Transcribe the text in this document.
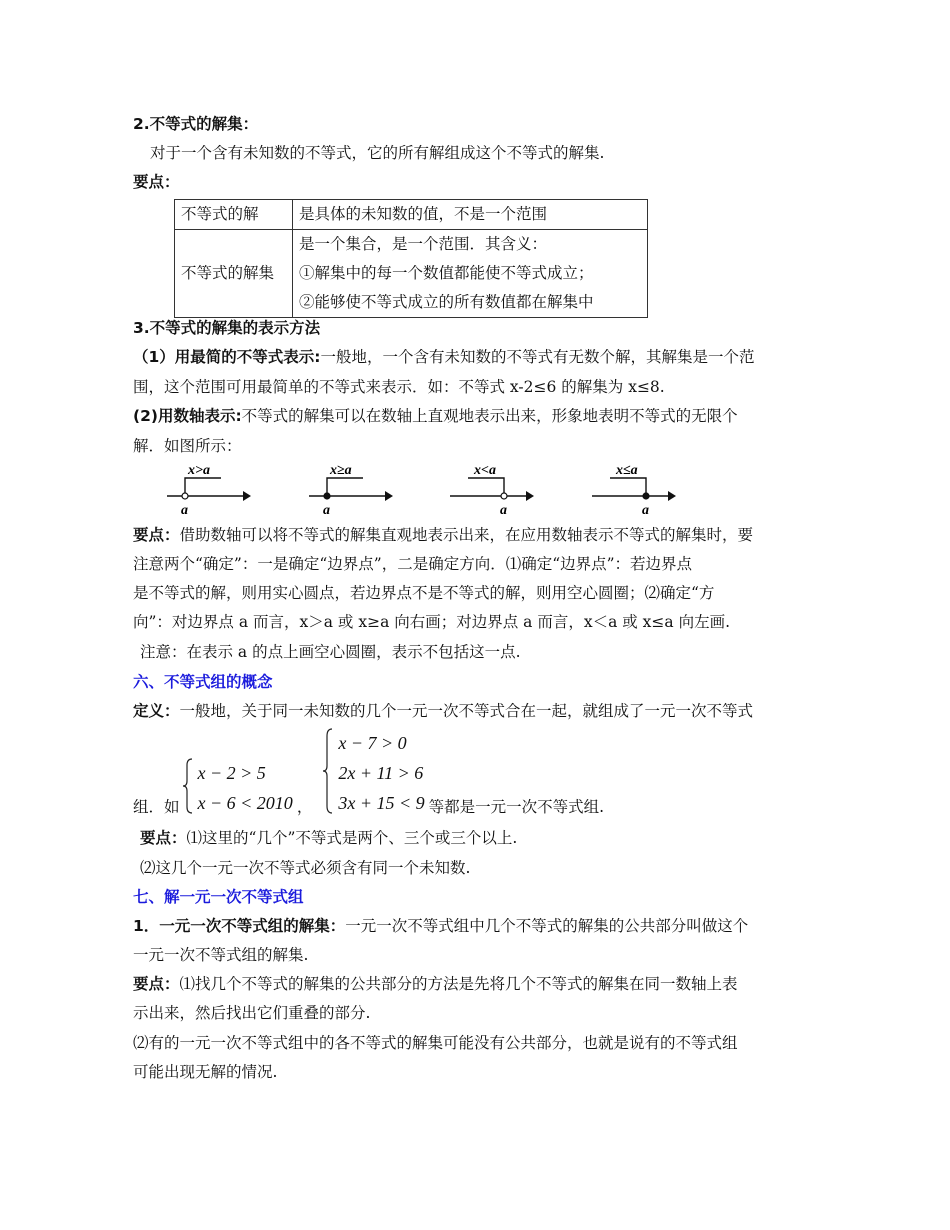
2.不等式的解集：
对于一个含有未知数的不等式，它的所有解组成这个不等式的解集.
要点：
不等式的解	是具体的未知数的值，不是一个范围
不等式的解集	是一个集合，是一个范围．其含义：
①解集中的每一个数值都能使不等式成立；
②能够使不等式成立的所有数值都在解集中
3.不等式的解集的表示方法
（1）用最简的不等式表示:一般地，一个含有未知数的不等式有无数个解，其解集是一个范
围，这个范围可用最简单的不等式来表示．如：不等式 x-2≤6 的解集为 x≤8.
(2)用数轴表示:不等式的解集可以在数轴上直观地表示出来，形象地表明不等式的无限个
解．如图所示：
x>a
a
x≥a
a
x<a
a
x≤a
a
要点：借助数轴可以将不等式的解集直观地表示出来，在应用数轴表示不等式的解集时，要
注意两个“确定”：一是确定“边界点”，二是确定方向．⑴确定“边界点”：若边界点
是不等式的解，则用实心圆点，若边界点不是不等式的解，则用空心圆圈；⑵确定“方
向”：对边界点 a 而言，x＞a 或 x≥a 向右画；对边界点 a 而言，x＜a 或 x≤a 向左画.
注意：在表示 a 的点上画空心圆圈，表示不包括这一点.
六、不等式组的概念
定义：一般地，关于同一未知数的几个一元一次不等式合在一起，就组成了一元一次不等式
组．如
x − 2 > 5
x − 6 < 2010 ，
x − 7 > 0
2x + 11 > 6
3x + 15 < 9 等都是一元一次不等式组.
要点：⑴这里的“几个”不等式是两个、三个或三个以上.
⑵这几个一元一次不等式必须含有同一个未知数.
七、解一元一次不等式组
1．一元一次不等式组的解集：一元一次不等式组中几个不等式的解集的公共部分叫做这个
一元一次不等式组的解集.
要点：⑴找几个不等式的解集的公共部分的方法是先将几个不等式的解集在同一数轴上表
示出来，然后找出它们重叠的部分.
⑵有的一元一次不等式组中的各不等式的解集可能没有公共部分，也就是说有的不等式组
可能出现无解的情况.
